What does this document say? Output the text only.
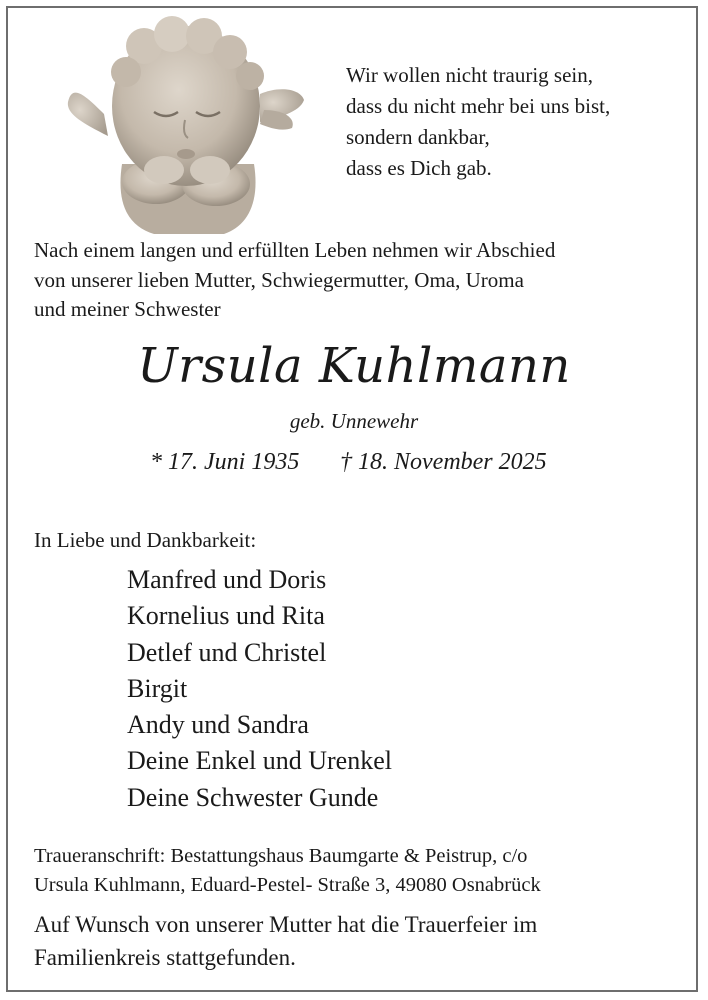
Wir wollen nicht traurig sein,
dass du nicht mehr bei uns bist,
sondern dankbar,
dass es Dich gab.

Nach einem langen und erfüllten Leben nehmen wir Abschied
von unserer lieben Mutter, Schwiegermutter, Oma, Uroma
und meiner Schwester

Ursula Kuhlmann
geb. Unnewehr
* 17. Juni 1935 † 18. November 2025
In Liebe und Dankbarkeit:
Manfred und Doris
Kornelius und Rita
Detlef und Christel
Birgit
Andy und Sandra
Deine Enkel und Urenkel
Deine Schwester Gunde

Traueranschrift: Bestattungshaus Baumgarte & Peistrup, c/o
Ursula Kuhlmann, Eduard-Pestel- Straße 3, 49080 Osnabrück

Auf Wunsch von unserer Mutter hat die Trauerfeier im
Familienkreis stattgefunden.
